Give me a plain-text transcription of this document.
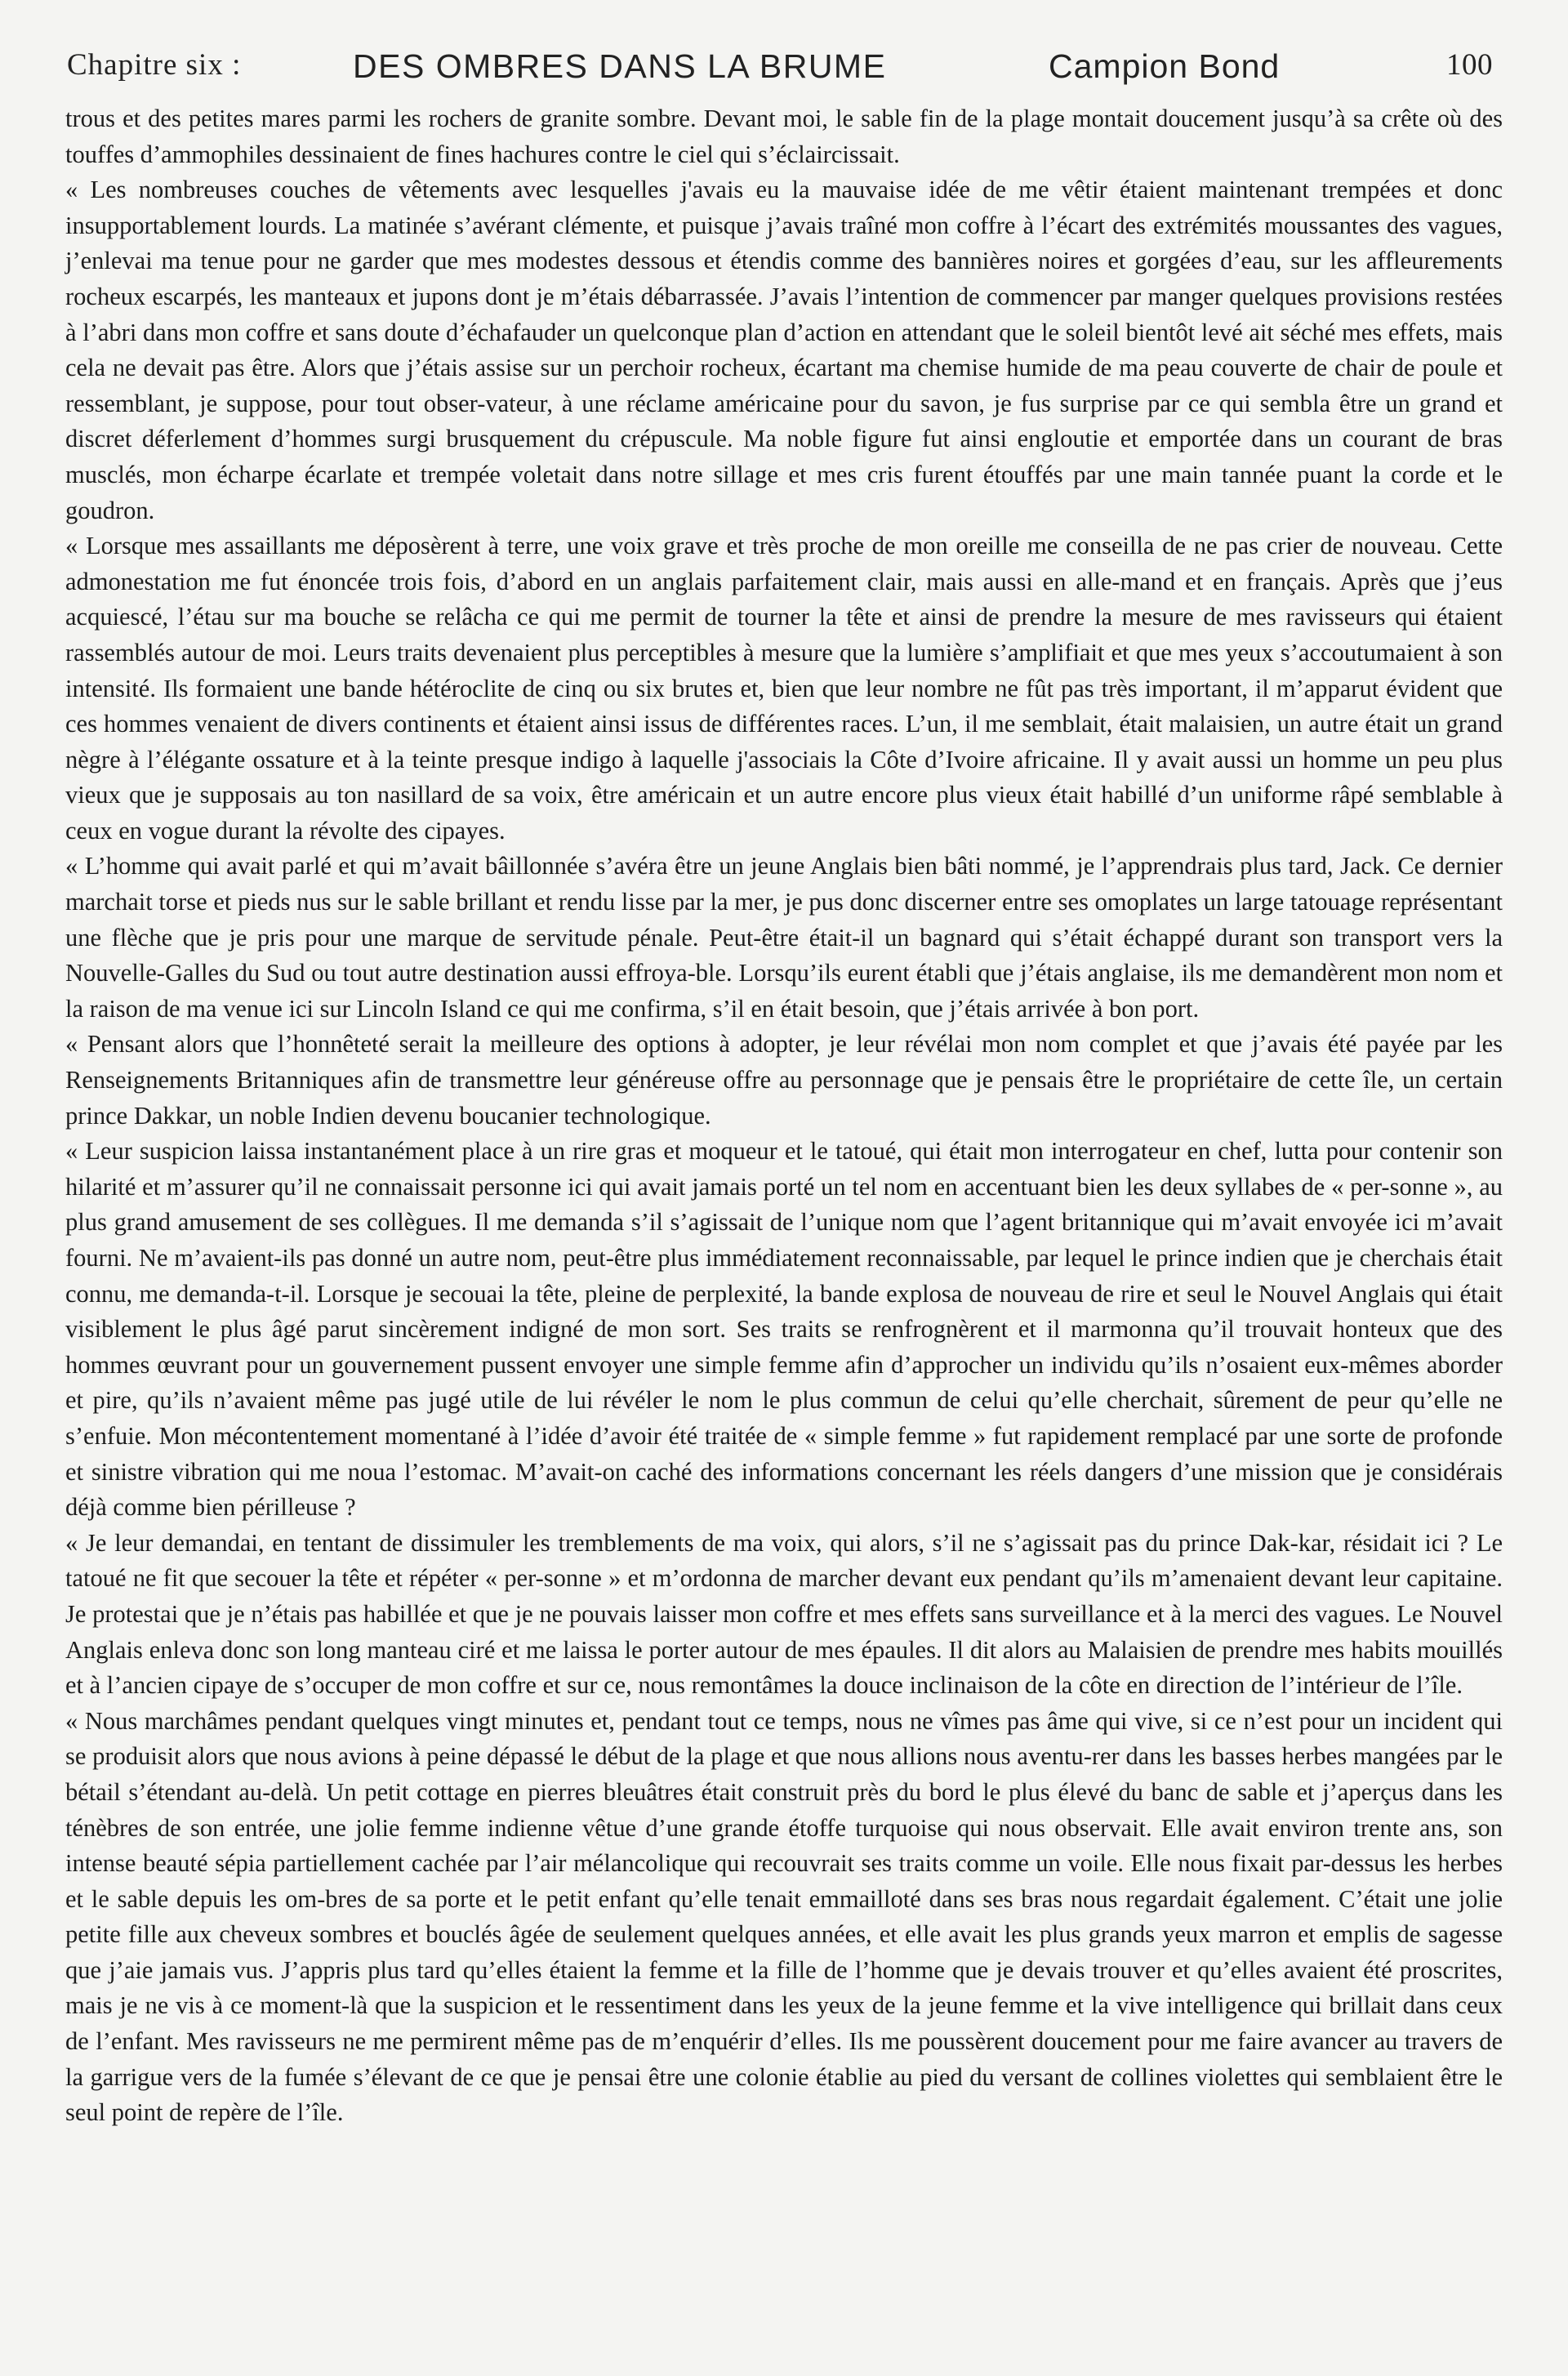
Chapitre six :	DES OMBRES DANS LA BRUME	Campion Bond	100

trous et des petites mares parmi les rochers de granite sombre. Devant moi, le sable fin de la plage montait doucement jusqu’à sa crête où des touffes d’ammophiles dessinaient de fines hachures contre le ciel qui s’éclaircissait.

« Les nombreuses couches de vêtements avec lesquelles j'avais eu la mauvaise idée de me vêtir étaient maintenant trempées et donc insupportablement lourds. La matinée s’avérant clémente, et puisque j’avais traîné mon coffre à l’écart des extrémités moussantes des vagues, j’enlevai ma tenue pour ne garder que mes modestes dessous et étendis comme des bannières noires et gorgées d’eau, sur les affleurements rocheux escarpés, les manteaux et jupons dont je m’étais débarrassée. J’avais l’intention de commencer par manger quelques provisions restées à l’abri dans mon coffre et sans doute d’échafauder un quelconque plan d’action en attendant que le soleil bientôt levé ait séché mes effets, mais cela ne devait pas être. Alors que j’étais assise sur un perchoir rocheux, écartant ma chemise humide de ma peau couverte de chair de poule et ressemblant, je suppose, pour tout obser-vateur, à une réclame américaine pour du savon, je fus surprise par ce qui sembla être un grand et discret déferlement d’hommes surgi brusquement du crépuscule. Ma noble figure fut ainsi engloutie et emportée dans un courant de bras musclés, mon écharpe écarlate et trempée voletait dans notre sillage et mes cris furent étouffés par une main tannée puant la corde et le goudron.

« Lorsque mes assaillants me déposèrent à terre, une voix grave et très proche de mon oreille me conseilla de ne pas crier de nouveau. Cette admonestation me fut énoncée trois fois, d’abord en un anglais parfaitement clair, mais aussi en alle-mand et en français. Après que j’eus acquiescé, l’étau sur ma bouche se relâcha ce qui me permit de tourner la tête et ainsi de prendre la mesure de mes ravisseurs qui étaient rassemblés autour de moi. Leurs traits devenaient plus perceptibles à mesure que la lumière s’amplifiait et que mes yeux s’accoutumaient à son intensité. Ils formaient une bande hétéroclite de cinq ou six brutes et, bien que leur nombre ne fût pas très important, il m’apparut évident que ces hommes venaient de divers continents et étaient ainsi issus de différentes races. L’un, il me semblait, était malaisien, un autre était un grand nègre à l’élégante ossature et à la teinte presque indigo à laquelle j'associais la Côte d’Ivoire africaine. Il y avait aussi un homme un peu plus vieux que je supposais au ton nasillard de sa voix, être américain et un autre encore plus vieux était habillé d’un uniforme râpé semblable à ceux en vogue durant la révolte des cipayes.

« L’homme qui avait parlé et qui m’avait bâillonnée s’avéra être un jeune Anglais bien bâti nommé, je l’apprendrais plus tard, Jack. Ce dernier marchait torse et pieds nus sur le sable brillant et rendu lisse par la mer, je pus donc discerner entre ses omoplates un large tatouage représentant une flèche que je pris pour une marque de servitude pénale. Peut-être était-il un bagnard qui s’était échappé durant son transport vers la Nouvelle-Galles du Sud ou tout autre destination aussi effroya-ble. Lorsqu’ils eurent établi que j’étais anglaise, ils me demandèrent mon nom et la raison de ma venue ici sur Lincoln Island ce qui me confirma, s’il en était besoin, que j’étais arrivée à bon port.

« Pensant alors que l’honnêteté serait la meilleure des options à adopter, je leur révélai mon nom complet et que j’avais été payée par les Renseignements Britanniques afin de transmettre leur généreuse offre au personnage que je pensais être le propriétaire de cette île, un certain prince Dakkar, un noble Indien devenu boucanier technologique.

« Leur suspicion laissa instantanément place à un rire gras et moqueur et le tatoué, qui était mon interrogateur en chef, lutta pour contenir son hilarité et m’assurer qu’il ne connaissait personne ici qui avait jamais porté un tel nom en accentuant bien les deux syllabes de « per-sonne », au plus grand amusement de ses collègues. Il me demanda s’il s’agissait de l’unique nom que l’agent britannique qui m’avait envoyée ici m’avait fourni. Ne m’avaient-ils pas donné un autre nom, peut-être plus immédiatement reconnaissable, par lequel le prince indien que je cherchais était connu, me demanda-t-il. Lorsque je secouai la tête, pleine de perplexité, la bande explosa de nouveau de rire et seul le Nouvel Anglais qui était visiblement le plus âgé parut sincèrement indigné de mon sort. Ses traits se renfrognèrent et il marmonna qu’il trouvait honteux que des hommes œuvrant pour un gouvernement pussent envoyer une simple femme afin d’approcher un individu qu’ils n’osaient eux-mêmes aborder et pire, qu’ils n’avaient même pas jugé utile de lui révéler le nom le plus commun de celui qu’elle cherchait, sûrement de peur qu’elle ne s’enfuie. Mon mécontentement momentané à l’idée d’avoir été traitée de « simple femme » fut rapidement remplacé par une sorte de profonde et sinistre vibration qui me noua l’estomac. M’avait-on caché des informations concernant les réels dangers d’une mission que je considérais déjà comme bien périlleuse ?

« Je leur demandai, en tentant de dissimuler les tremblements de ma voix, qui alors, s’il ne s’agissait pas du prince Dak-kar, résidait ici ? Le tatoué ne fit que secouer la tête et répéter « per-sonne » et m’ordonna de marcher devant eux pendant qu’ils m’amenaient devant leur capitaine. Je protestai que je n’étais pas habillée et que je ne pouvais laisser mon coffre et mes effets sans surveillance et à la merci des vagues. Le Nouvel Anglais enleva donc son long manteau ciré et me laissa le porter autour de mes épaules. Il dit alors au Malaisien de prendre mes habits mouillés et à l’ancien cipaye de s’occuper de mon coffre et sur ce, nous remontâmes la douce inclinaison de la côte en direction de l’intérieur de l’île.

« Nous marchâmes pendant quelques vingt minutes et, pendant tout ce temps, nous ne vîmes pas âme qui vive, si ce n’est pour un incident qui se produisit alors que nous avions à peine dépassé le début de la plage et que nous allions nous aventu-rer dans les basses herbes mangées par le bétail s’étendant au-delà. Un petit cottage en pierres bleuâtres était construit près du bord le plus élevé du banc de sable et j’aperçus dans les ténèbres de son entrée, une jolie femme indienne vêtue d’une grande étoffe turquoise qui nous observait. Elle avait environ trente ans, son intense beauté sépia partiellement cachée par l’air mélancolique qui recouvrait ses traits comme un voile. Elle nous fixait par-dessus les herbes et le sable depuis les om-bres de sa porte et le petit enfant qu’elle tenait emmailloté dans ses bras nous regardait également. C’était une jolie petite fille aux cheveux sombres et bouclés âgée de seulement quelques années, et elle avait les plus grands yeux marron et emplis de sagesse que j’aie jamais vus. J’appris plus tard qu’elles étaient la femme et la fille de l’homme que je devais trouver et qu’elles avaient été proscrites, mais je ne vis à ce moment-là que la suspicion et le ressentiment dans les yeux de la jeune femme et la vive intelligence qui brillait dans ceux de l’enfant. Mes ravisseurs ne me permirent même pas de m’enquérir d’elles. Ils me poussèrent doucement pour me faire avancer au travers de la garrigue vers de la fumée s’élevant de ce que je pensai être une colonie établie au pied du versant de collines violettes qui semblaient être le seul point de repère de l’île.
